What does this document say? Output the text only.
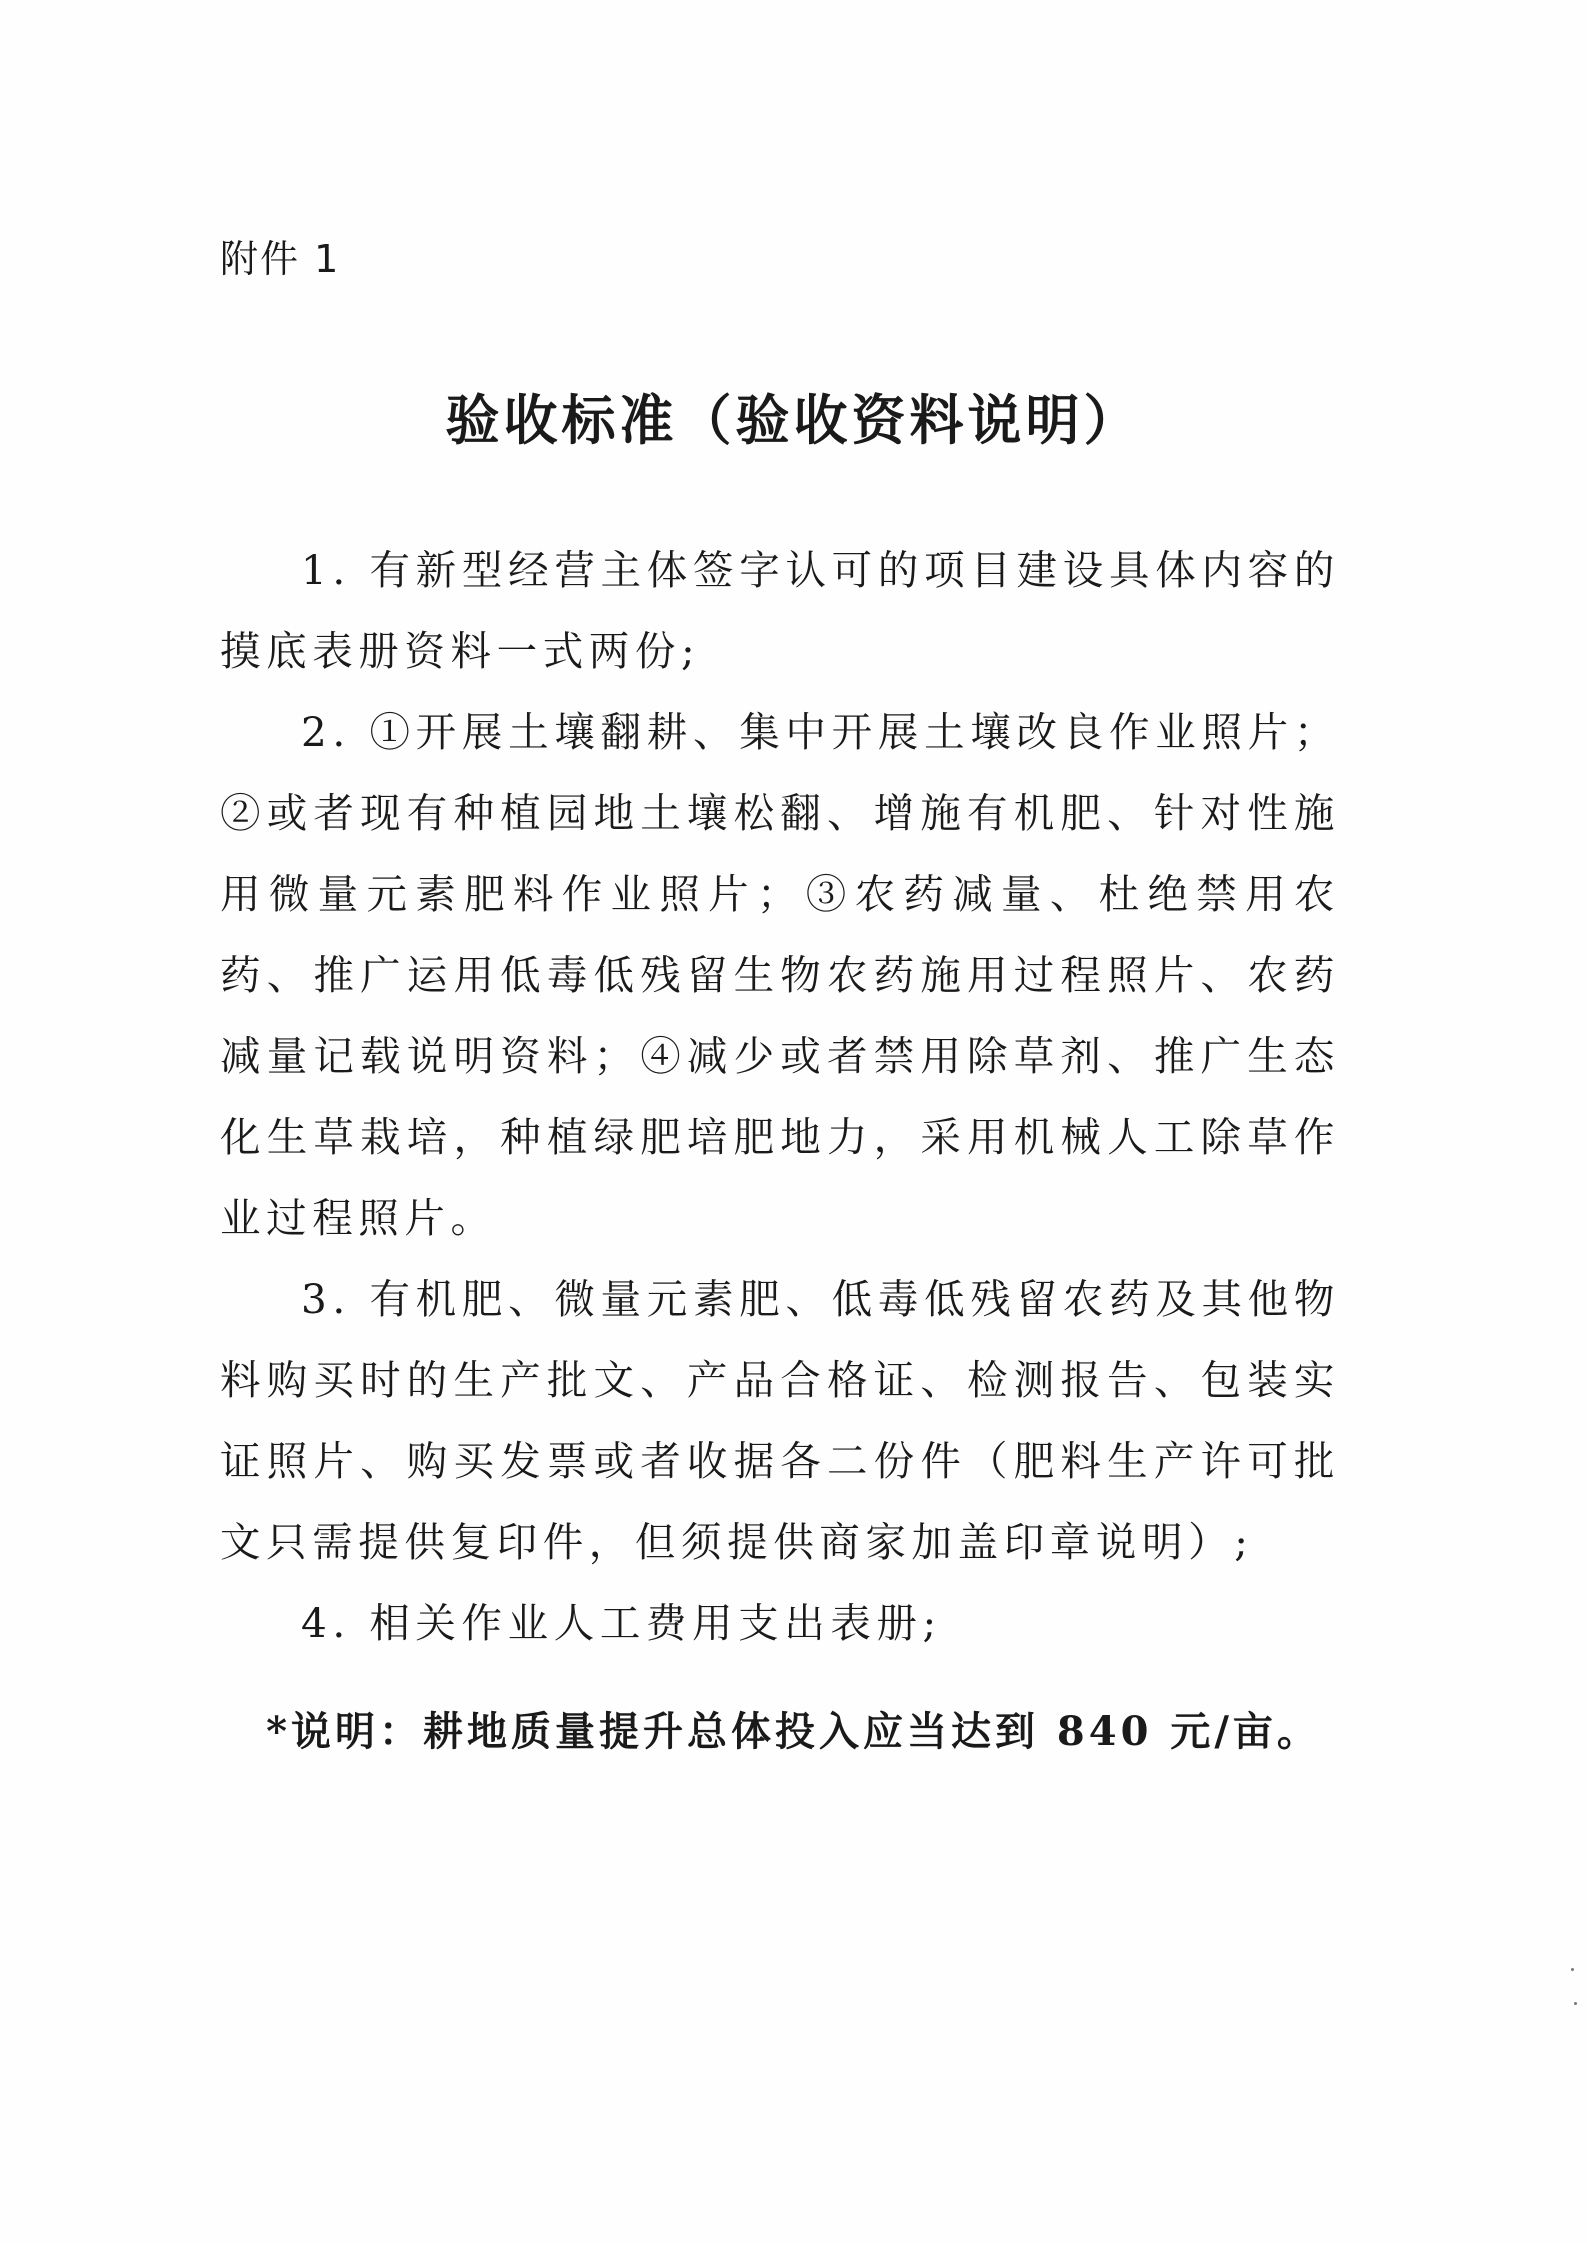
附件 1

验收标准（验收资料说明）

1. 有新型经营主体签字认可的项目建设具体内容的摸底表册资料一式两份;

2. ①开展土壤翻耕、集中开展土壤改良作业照片；②或者现有种植园地土壤松翻、增施有机肥、针对性施用微量元素肥料作业照片；③农药减量、杜绝禁用农药、推广运用低毒低残留生物农药施用过程照片、农药减量记载说明资料；④减少或者禁用除草剂、推广生态化生草栽培，种植绿肥培肥地力，采用机械人工除草作业过程照片。

3. 有机肥、微量元素肥、低毒低残留农药及其他物料购买时的生产批文、产品合格证、检测报告、包装实证照片、购买发票或者收据各二份件（肥料生产许可批文只需提供复印件，但须提供商家加盖印章说明）;

4. 相关作业人工费用支出表册;

*说明：耕地质量提升总体投入应当达到 840 元/亩。
